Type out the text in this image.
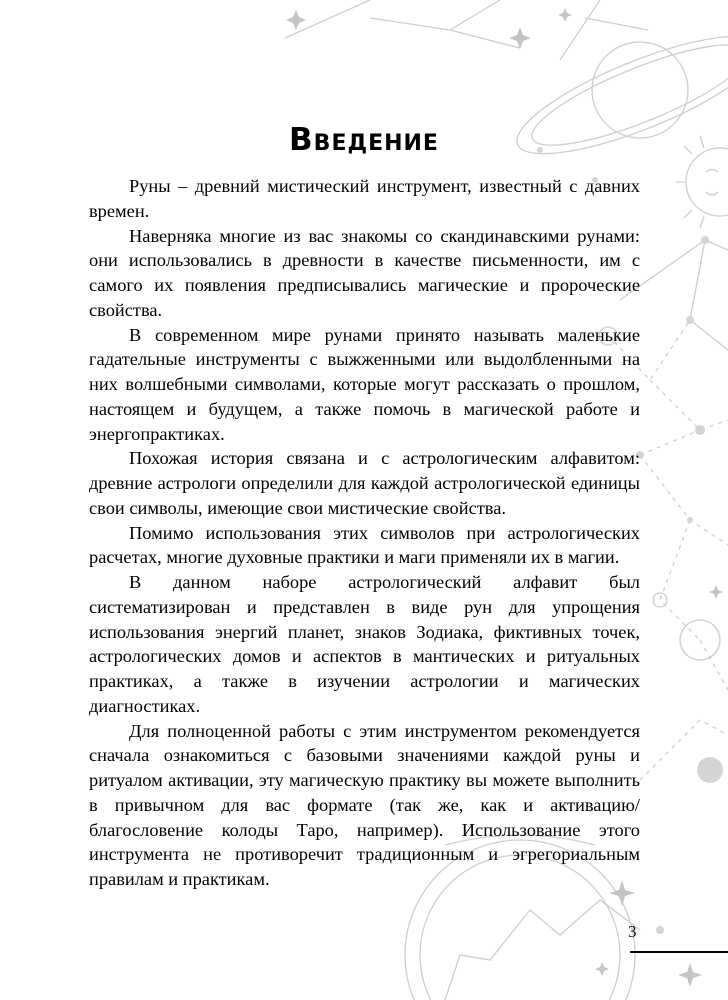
Введение

Руны – древний мистический инструмент, известный с давних времен.

Наверняка многие из вас знакомы со скандинавскими рунами: они использовались в древности в качестве письменности, им с самого их появления предписывались магические и пророческие свойства.

В современном мире рунами принято называть маленькие гадательные инструменты с выжженными или выдолбленными на них волшебными символами, которые могут рассказать о прошлом, настоящем и будущем, а также помочь в магической работе и энергопрактиках.

Похожая история связана и с астрологическим алфавитом: древние астрологи определили для каждой астрологической единицы свои символы, имеющие свои мистические свойства.

Помимо использования этих символов при астрологических расчетах, многие духовные практики и маги применяли их в магии.

В данном наборе астрологический алфавит был систематизирован и представлен в виде рун для упрощения использования энергий планет, знаков Зодиака, фиктивных точек, астрологических домов и аспектов в мантических и ритуальных практиках, а также в изучении астрологии и магических диагностиках.

Для полноценной работы с этим инструментом рекомендуется сначала ознакомиться с базовыми значениями каждой руны и ритуалом активации, эту магическую практику вы можете выполнить в привычном для вас формате (так же, как и активацию/благословение колоды Таро, например). Использование этого инструмента не противоречит традиционным и эгрегориальным правилам и практикам.

3
